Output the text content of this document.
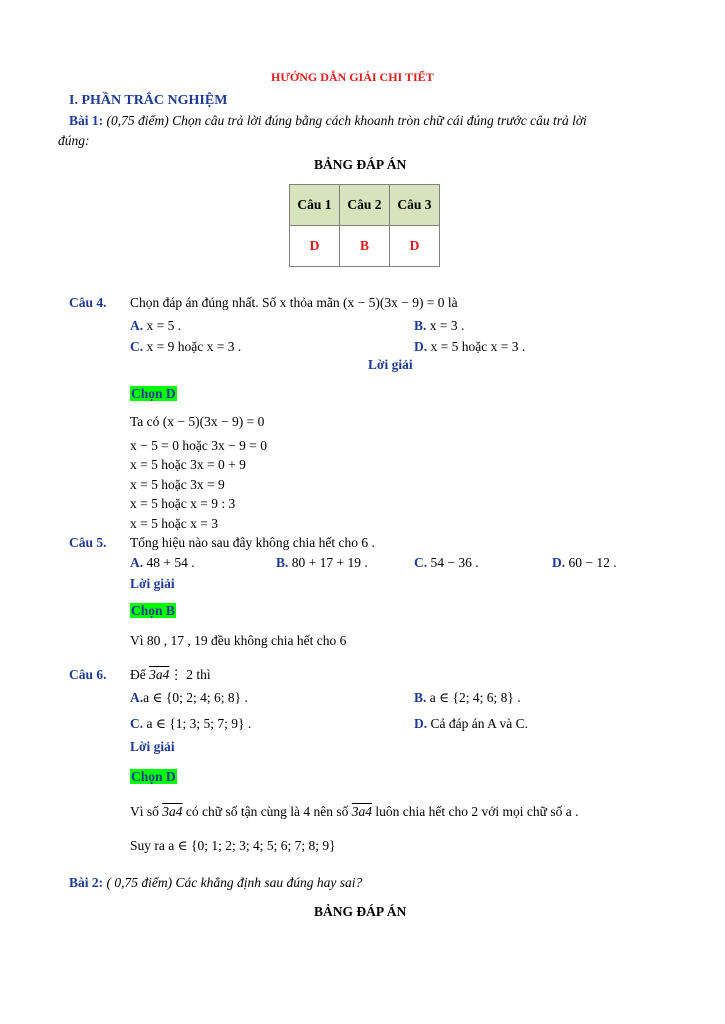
HƯỚNG DẪN GIẢI CHI TIẾT
I. PHẦN TRẮC NGHIỆM
Bài 1: (0,75 điểm) Chọn câu trả lời đúng bằng cách khoanh tròn chữ cái đúng trước câu trả lời
đúng:
BẢNG ĐÁP ÁN
Câu 1	Câu 2	Câu 3
D	B	D
Câu 4. Chọn đáp án đúng nhất. Số x thỏa mãn (x − 5)(3x − 9) = 0 là
A. x = 5 .	B. x = 3 .
C. x = 9 hoặc x = 3 .	D. x = 5 hoặc x = 3 .
Lời giải
Chọn D
Ta có (x − 5)(3x − 9) = 0
x − 5 = 0 hoặc 3x − 9 = 0
x = 5 hoặc 3x = 0 + 9
x = 5 hoặc 3x = 9
x = 5 hoặc x = 9 : 3
x = 5 hoặc x = 3
Câu 5. Tổng hiệu nào sau đây không chia hết cho 6 .
A. 48 + 54 .	B. 80 + 17 + 19 .	C. 54 − 36 .	D. 60 − 12 .
Lời giải
Chọn B
Vì 80 , 17 , 19 đều không chia hết cho 6
Câu 6. Để 3a4⋮ 2 thì
A.a ∈ {0; 2; 4; 6; 8} .	B. a ∈ {2; 4; 6; 8} .
C. a ∈ {1; 3; 5; 7; 9} .	D. Cả đáp án A và C.
Lời giải
Chọn D
Vì số 3a4 có chữ số tận cùng là 4 nên số 3a4 luôn chia hết cho 2 với mọi chữ số a .
Suy ra a ∈ {0; 1; 2; 3; 4; 5; 6; 7; 8; 9}
Bài 2: ( 0,75 điểm) Các khẳng định sau đúng hay sai?
BẢNG ĐÁP ÁN
